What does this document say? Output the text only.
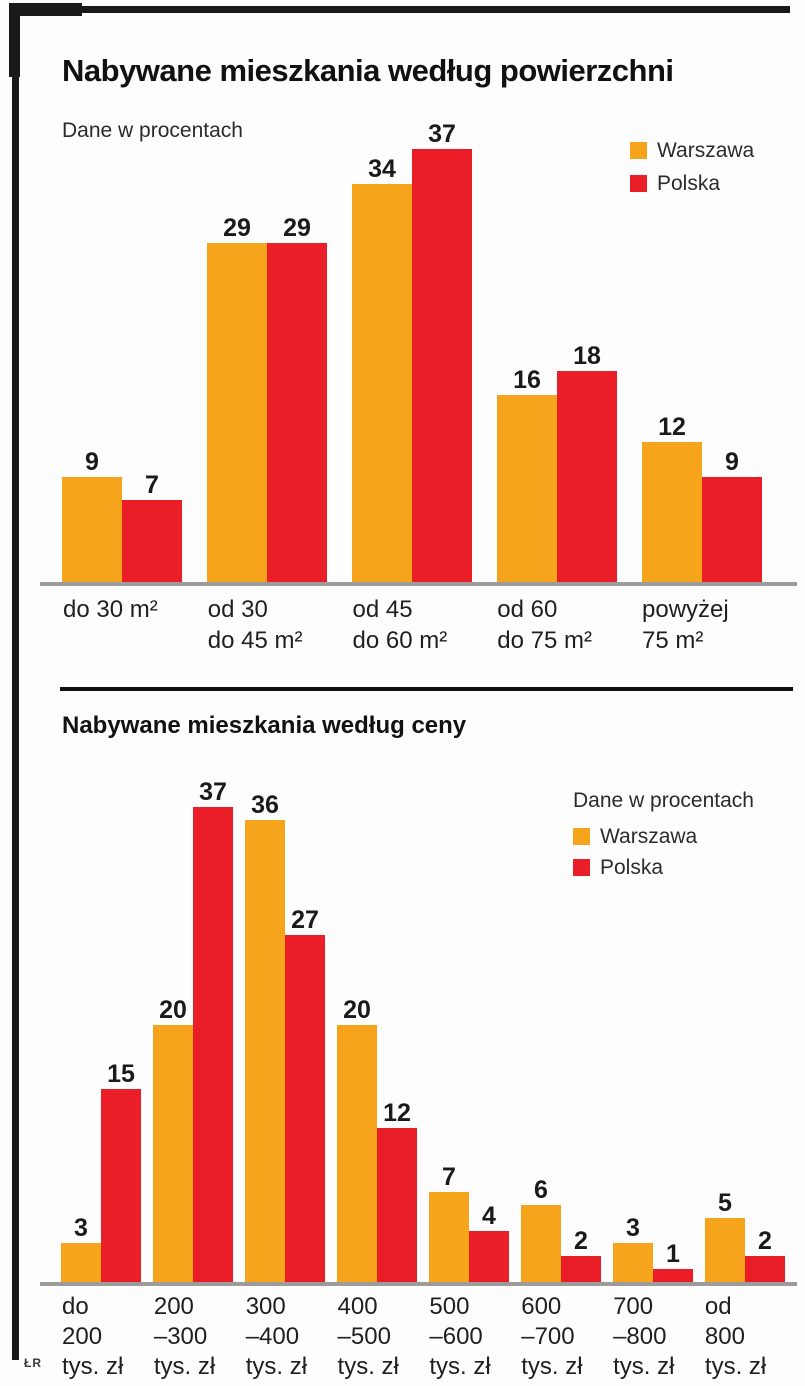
Nabywane mieszkania według powierzchni
Dane w procentach
Warszawa
Polska
9
7
29 29
34
37
16
18
12
9
do 30 m²	od 30
do 45 m²
od 45
do 60 m²
od 60
do 75 m²
powyżej
75 m²
Nabywane mieszkania według ceny
Dane w procentach
Warszawa
Polska
3
15
20
37 36
27
20
12
7
4
6
2 3
1
5
2
do
200
tys. zł
200
–300
tys. zł
300
–400
tys. zł
400
–500
tys. zł
500
–600
tys. zł
600
–700
tys. zł
700
–800
tys. zł
od
800
tys. zł
ŁR
